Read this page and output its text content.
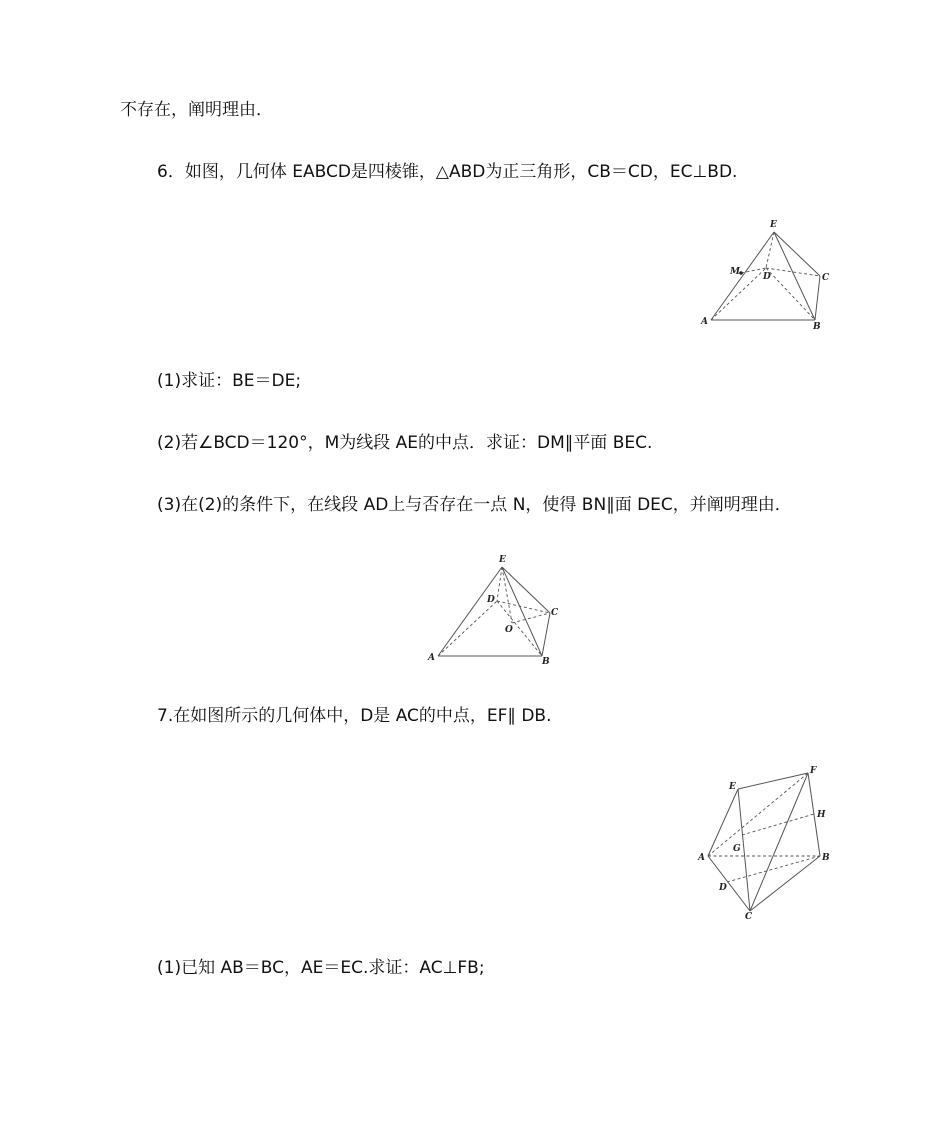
不存在，阐明理由．
6．如图，几何体 EABCD是四棱锥，△ABD为正三角形，CB＝CD，EC⊥BD.
E
M	D	C
A	B
(1)求证：BE＝DE;
(2)若∠BCD＝120°，M为线段 AE的中点．求证：DM∥平面 BEC.
(3)在(2)的条件下，在线段 AD上与否存在一点 N，使得 BN∥面 DEC，并阐明理由．
E
D
C
O
A	B
7.在如图所示的几何体中，D是 AC的中点，EF∥ DB.
F
E
H
G
A	B
D
C
(1)已知 AB＝BC，AE＝EC.求证：AC⊥FB;
